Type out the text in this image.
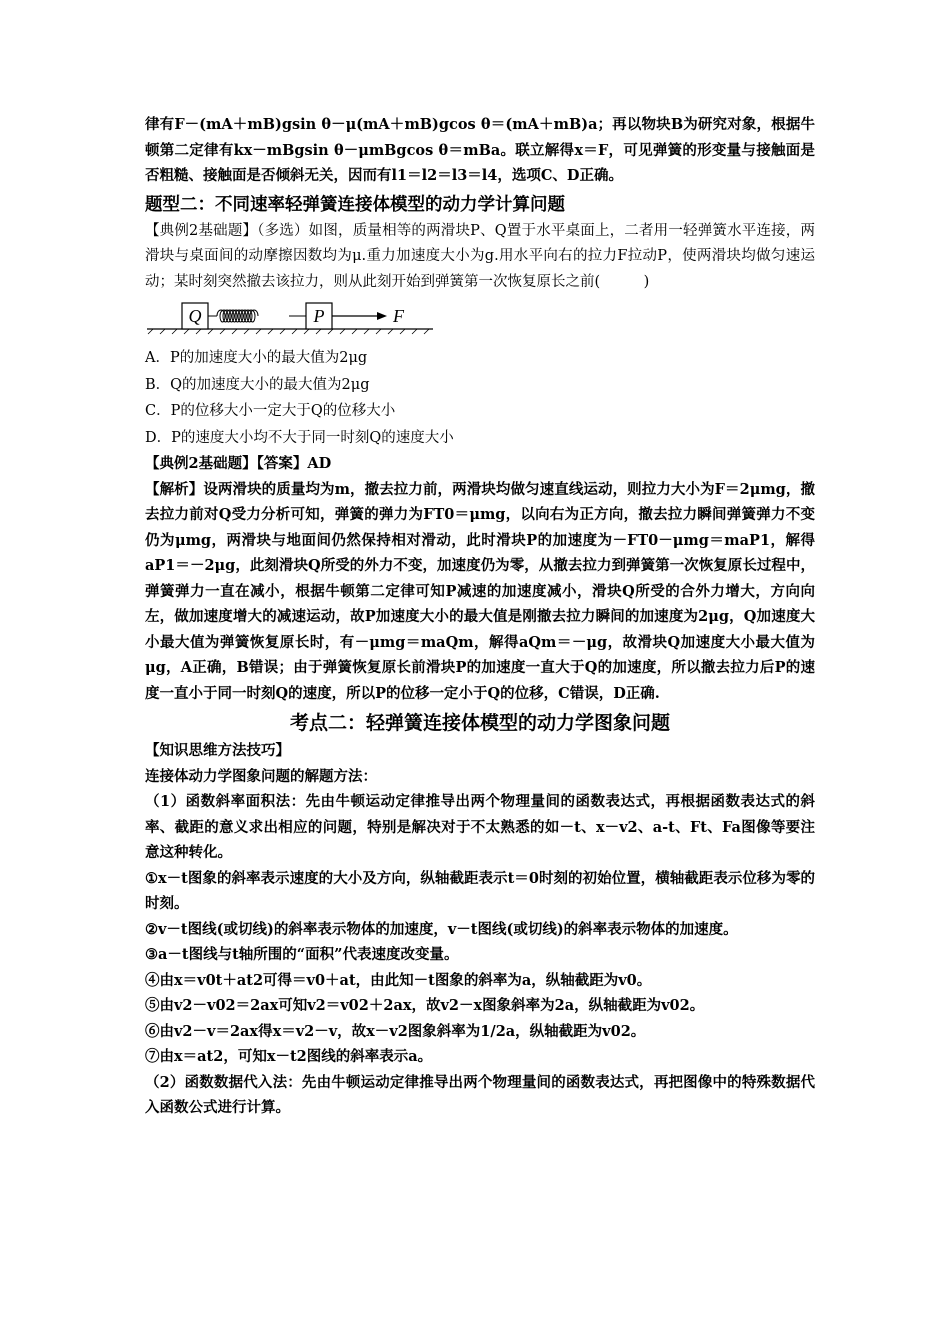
律有F－(mA＋mB)gsin θ－μ(mA＋mB)gcos θ＝(mA＋mB)a；再以物块B为研究对象，根据牛顿第二定律有kx－mBgsin θ－μmBgcos θ＝mBa。联立解得x＝F，可见弹簧的形变量与接触面是否粗糙、接触面是否倾斜无关，因而有l1＝l2＝l3＝l4，选项C、D正确。

题型二：不同速率轻弹簧连接体模型的动力学计算问题

【典例2基础题】（多选）如图，质量相等的两滑块P、Q置于水平桌面上，二者用一轻弹簧水平连接，两滑块与桌面间的动摩擦因数均为μ.重力加速度大小为g.用水平向右的拉力F拉动P，使两滑块均做匀速运动；某时刻突然撤去该拉力，则从此刻开始到弹簧第一次恢复原长之前(　　　)

Q	P	F

A．P的加速度大小的最大值为2μg

B．Q的加速度大小的最大值为2μg

C．P的位移大小一定大于Q的位移大小

D．P的速度大小均不大于同一时刻Q的速度大小

【典例2基础题】【答案】AD

【解析】设两滑块的质量均为m，撤去拉力前，两滑块均做匀速直线运动，则拉力大小为F＝2μmg，撤去拉力前对Q受力分析可知，弹簧的弹力为FT0＝μmg，以向右为正方向，撤去拉力瞬间弹簧弹力不变仍为μmg，两滑块与地面间仍然保持相对滑动，此时滑块P的加速度为－FT0－μmg＝maP1，解得aP1＝－2μg，此刻滑块Q所受的外力不变，加速度仍为零，从撤去拉力到弹簧第一次恢复原长过程中，弹簧弹力一直在减小，根据牛顿第二定律可知P减速的加速度减小，滑块Q所受的合外力增大，方向向左，做加速度增大的减速运动，故P加速度大小的最大值是刚撤去拉力瞬间的加速度为2μg，Q加速度大小最大值为弹簧恢复原长时，有－μmg＝maQm，解得aQm＝－μg，故滑块Q加速度大小最大值为μg，A正确，B错误；由于弹簧恢复原长前滑块P的加速度一直大于Q的加速度，所以撤去拉力后P的速度一直小于同一时刻Q的速度，所以P的位移一定小于Q的位移，C错误，D正确.

考点二：轻弹簧连接体模型的动力学图象问题

【知识思维方法技巧】

连接体动力学图象问题的解题方法：

（1）函数斜率面积法：先由牛顿运动定律推导出两个物理量间的函数表达式，再根据函数表达式的斜率、截距的意义求出相应的问题，特别是解决对于不太熟悉的如－t、x－v2、a-t、Ft、Fa图像等要注意这种转化。

①x－t图象的斜率表示速度的大小及方向，纵轴截距表示t＝0时刻的初始位置，横轴截距表示位移为零的时刻。

②v－t图线(或切线)的斜率表示物体的加速度，v－t图线(或切线)的斜率表示物体的加速度。

③a－t图线与t轴所围的“面积”代表速度改变量。

④由x＝v0t＋at2可得＝v0＋at，由此知－t图象的斜率为a，纵轴截距为v0。

⑤由v2－v02＝2ax可知v2＝v02＋2ax，故v2－x图象斜率为2a，纵轴截距为v02。

⑥由v2－v＝2ax得x＝v2－v，故x－v2图象斜率为1/2a，纵轴截距为v02。

⑦由x＝at2，可知x－t2图线的斜率表示a。

（2）函数数据代入法：先由牛顿运动定律推导出两个物理量间的函数表达式，再把图像中的特殊数据代入函数公式进行计算。
